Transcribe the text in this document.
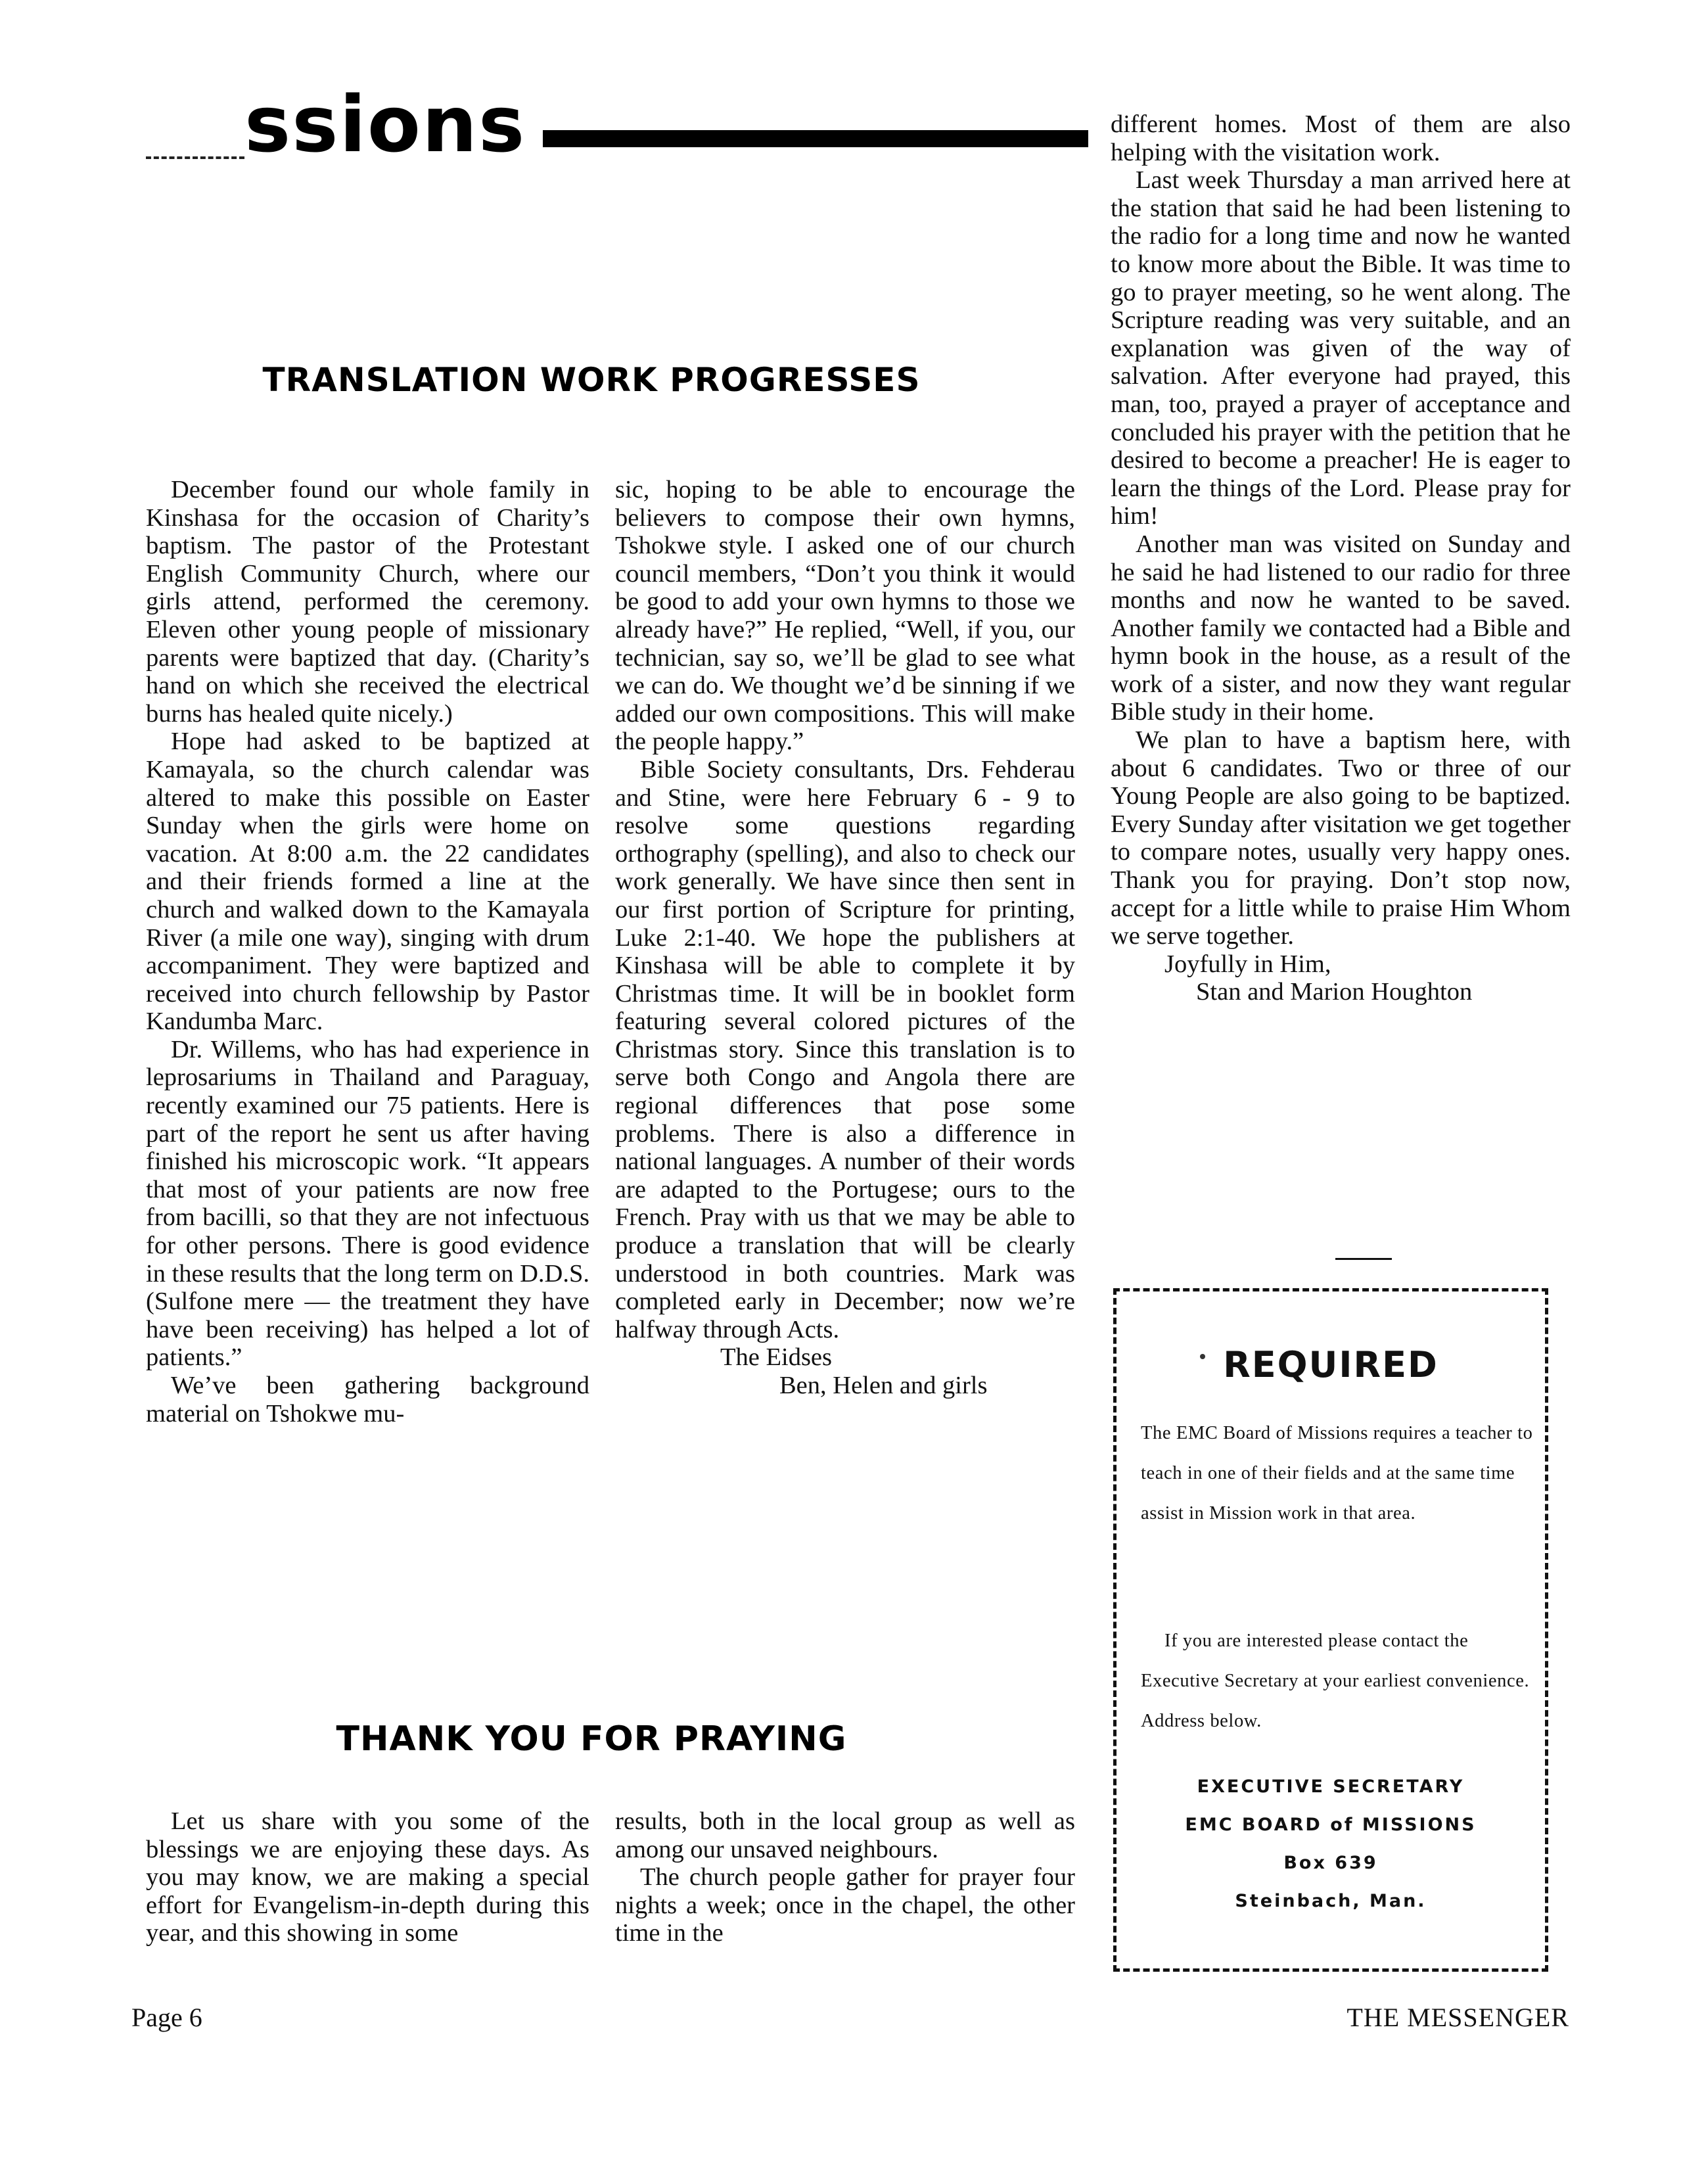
ssions
TRANSLATION WORK PROGRESSES

December found our whole family in Kinshasa for the occasion of Charity’s baptism. The pastor of the Protestant English Community Church, where our girls attend, performed the ceremony. Eleven other young people of missionary parents were baptized that day. (Charity’s hand on which she received the electrical burns has healed quite nicely.)

Hope had asked to be baptized at Kamayala, so the church calendar was altered to make this possible on Easter Sunday when the girls were home on vacation. At 8:00 a.m. the 22 candidates and their friends formed a line at the church and walked down to the Kamayala River (a mile one way), singing with drum accompaniment. They were baptized and received into church fellowship by Pastor Kandumba Marc.

Dr. Willems, who has had experience in leprosariums in Thailand and Paraguay, recently examined our 75 patients. Here is part of the report he sent us after having finished his microscopic work. “It appears that most of your patients are now free from bacilli, so that they are not infectuous for other persons. There is good evidence in these results that the long term on D.D.S. (Sulfone mere — the treatment they have have been receiving) has helped a lot of patients.”

We’ve been gathering background material on Tshokwe mu-

sic, hoping to be able to encourage the believers to compose their own hymns, Tshokwe style. I asked one of our church council members, “Don’t you think it would be good to add your own hymns to those we already have?” He replied, “Well, if you, our technician, say so, we’ll be glad to see what we can do. We thought we’d be sinning if we added our own compositions. This will make the people happy.”

Bible Society consultants, Drs. Fehderau and Stine, were here February 6 - 9 to resolve some questions regarding orthography (spelling), and also to check our work generally. We have since then sent in our first portion of Scripture for printing, Luke 2:1-40. We hope the publishers at Kinshasa will be able to complete it by Christmas time. It will be in booklet form featuring several colored pictures of the Christmas story. Since this translation is to serve both Congo and Angola there are regional differences that pose some problems. There is also a difference in national languages. A number of their words are adapted to the Portugese; ours to the French. Pray with us that we may be able to produce a translation that will be clearly understood in both countries. Mark was completed early in December; now we’re halfway through Acts.

The Eidses

Ben, Helen and girls

different homes. Most of them are also helping with the visitation work.

Last week Thursday a man arrived here at the station that said he had been listening to the radio for a long time and now he wanted to know more about the Bible. It was time to go to prayer meeting, so he went along. The Scripture reading was very suitable, and an explanation was given of the way of salvation. After everyone had prayed, this man, too, prayed a prayer of acceptance and concluded his prayer with the petition that he desired to become a preacher! He is eager to learn the things of the Lord. Please pray for him!

Another man was visited on Sunday and he said he had listened to our radio for three months and now he wanted to be saved. Another family we contacted had a Bible and hymn book in the house, as a result of the work of a sister, and now they want regular Bible study in their home.

We plan to have a baptism here, with about 6 candidates. Two or three of our Young People are also going to be baptized. Every Sunday after visitation we get together to compare notes, usually very happy ones. Thank you for praying. Don’t stop now, accept for a little while to praise Him Whom we serve together.

Joyfully in Him,

Stan and Marion Houghton

REQUIRED

The EMC Board of Missions requires a teacher to teach in one of their fields and at the same time assist in Mission work in that area.

If you are interested please contact the Executive Secretary at your earliest convenience. Address below.

EXECUTIVE SECRETARY
EMC BOARD of MISSIONS
Box 639
Steinbach, Man.
THANK YOU FOR PRAYING

Let us share with you some of the blessings we are enjoying these days. As you may know, we are making a special effort for Evangelism-in-depth during this year, and this showing in some

results, both in the local group as well as among our unsaved neighbours.

The church people gather for prayer four nights a week; once in the chapel, the other time in the

Page 6	THE MESSENGER
